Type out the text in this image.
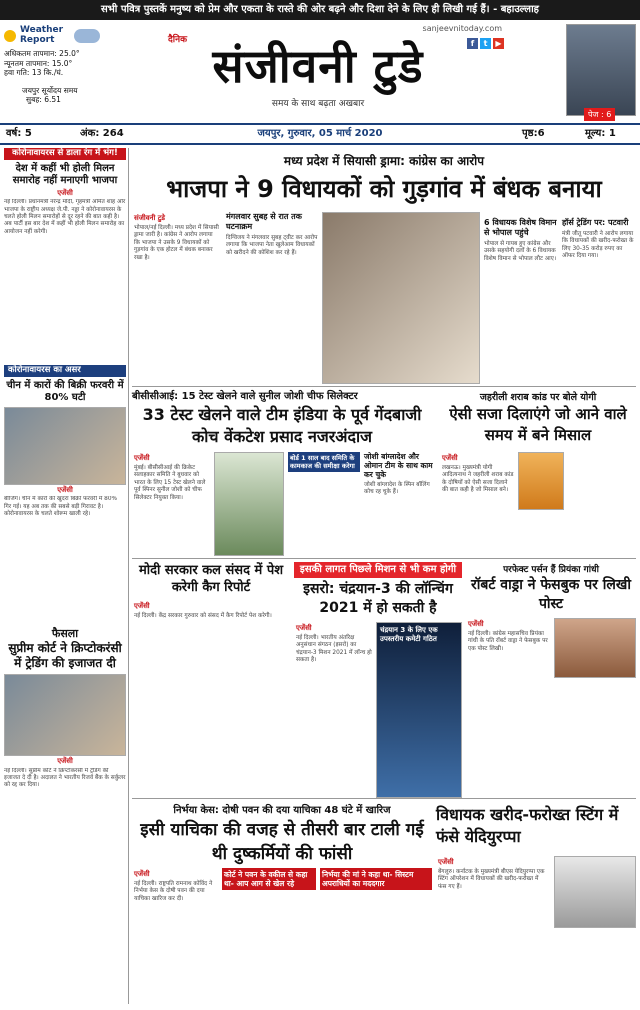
सभी पवित्र पुस्तकें मनुष्य को प्रेम और एकता के रास्ते की ओर बढ़ने और दिशा देने के लिए ही लिखी गई हैं। - बहाउल्लाह
Weather Report
अधिकतम तापमान: 25.0°
न्यूनतम तापमान: 15.0°
हवा गति: 13 कि./घं.
जयपुर सूर्योदय समय
सुबह: 6.51
दैनिक संजीवनी टुडे
समय के साथ बढ़ता अखबार
sanjeevnitoday.com
f t ▶
पेज : 6
वर्ष: 5	अंक: 264	जयपुर, गुरुवार, 05 मार्च 2020	पृष्ठ:6	मूल्य: 1
कोरोनावायरस से डाला रंग में भंग!
देश में कहीं भी होली मिलन समारोह नहीं मनाएगी भाजपा
एजेंसी
नई दिल्ली। प्रधानमंत्री नरेन्द्र मोदी, गृहमंत्री अमित शाह और भाजपा के राष्ट्रीय अध्यक्ष जे.पी. नड्डा ने कोरोनावायरस के चलते होली मिलन समारोहों से दूर रहने की बात कही है। अब पार्टी इस बार देश में कहीं भी होली मिलन समारोह का आयोजन नहीं करेगी।
कोरोनावायरस का असर
चीन में कारों की बिक्री फरवरी में 80% घटी
एजेंसी
बीजिंग। चीन में कारों की खुदरा बिक्री फरवरी में 80% गिर गई। यह अब तक की सबसे बड़ी गिरावट है। कोरोनावायरस के चलते शोरूम खाली रहे।
फैसला
सुप्रीम कोर्ट ने क्रिप्टोकरंसी में ट्रेडिंग की इजाजत दी
एजेंसी
नई दिल्ली। सुप्रीम कोर्ट ने क्रिप्टोकरंसी में ट्रेडिंग की इजाजत दे दी है। अदालत ने भारतीय रिजर्व बैंक के सर्कुलर को रद्द कर दिया।
मध्य प्रदेश में सियासी ड्रामा: कांग्रेस का आरोप
भाजपा ने 9 विधायकों को गुड़गांव में बंधक बनाया
संजीवनी टुडे
भोपाल/नई दिल्ली। मध्य प्रदेश में सियासी ड्रामा जारी है। कांग्रेस ने आरोप लगाया कि भाजपा ने उसके 9 विधायकों को गुड़गांव के एक होटल में बंधक बनाकर रखा है।
मंगलवार सुबह से रात तक घटनाक्रम
दिग्विजय ने मंगलवार सुबह ट्वीट कर आरोप लगाया कि भाजपा नेता खुलेआम विधायकों को खरीदने की कोशिश कर रहे हैं।
6 विधायक विशेष विमान से भोपाल पहुंचे
भोपाल से गायब हुए कांग्रेस और उसके सहयोगी दलों के 6 विधायक विशेष विमान से भोपाल लौट आए।
हॉर्स ट्रेडिंग पर: पटवारी
मंत्री जीतू पटवारी ने आरोप लगाया कि विधायकों की खरीद-फरोख्त के लिए 30-35 करोड़ रुपए का ऑफर दिया गया।
बीसीसीआई: 15 टेस्ट खेलने वाले सुनील जोशी चीफ सिलेक्टर
33 टेस्ट खेलने वाले टीम इंडिया के पूर्व गेंदबाजी कोच वेंकटेश प्रसाद नजरअंदाज
एजेंसी
मुंबई। बीसीसीआई की क्रिकेट सलाहकार समिति ने बुधवार को भारत के लिए 15 टेस्ट खेलने वाले पूर्व स्पिनर सुनील जोशी को चीफ सिलेक्टर नियुक्त किया।
बोर्ड 1 साल बाद समिति के कामकाज की समीक्षा करेगा
जोशी बांग्लादेश और ओमान टीम के साथ काम कर चुके
जोशी बांग्लादेश के स्पिन बॉलिंग कोच रह चुके हैं।
जहरीली शराब कांड पर बोले योगी
ऐसी सजा दिलाएंगे जो आने वाले समय में बने मिसाल
एजेंसी
लखनऊ। मुख्यमंत्री योगी आदित्यनाथ ने जहरीली शराब कांड के दोषियों को ऐसी सजा दिलाने की बात कही है जो मिसाल बने।
मोदी सरकार कल संसद में पेश करेगी कैग रिपोर्ट
एजेंसी
नई दिल्ली। केंद्र सरकार गुरुवार को संसद में कैग रिपोर्ट पेश करेगी।
इसकी लागत पिछले मिशन से भी कम होगी
इसरो: चंद्रयान-3 की लॉन्चिंग 2021 में हो सकती है
एजेंसी
नई दिल्ली। भारतीय अंतरिक्ष अनुसंधान संगठन (इसरो) का चंद्रयान-3 मिशन 2021 में लॉन्च हो सकता है।
चंद्रयान 3 के लिए एक उपस्तरीय कमेटी गठित
परफेक्ट पर्सन हैं प्रियंका गांधी
रॉबर्ट वाड्रा ने फेसबुक पर लिखी पोस्ट
एजेंसी
नई दिल्ली। कांग्रेस महासचिव प्रियंका गांधी के पति रॉबर्ट वाड्रा ने फेसबुक पर एक पोस्ट लिखी।
निर्भया केस: दोषी पवन की दया याचिका 48 घंटे में खारिज
इसी याचिका की वजह से तीसरी बार टाली गई थी दुष्कर्मियों की फांसी
एजेंसी
नई दिल्ली। राष्ट्रपति रामनाथ कोविंद ने निर्भया केस के दोषी पवन की दया याचिका खारिज कर दी।
कोर्ट ने पवन के वकील से कहा था- आप आग से खेल रहे
निर्भया की मां ने कहा था- सिस्टम अपराधियों का मददगार
विधायक खरीद-फरोख्त स्टिंग में फंसे येदियुरप्पा
एजेंसी
बेंगलुरु। कर्नाटक के मुख्यमंत्री बीएस येदियुरप्पा एक स्टिंग ऑपरेशन में विधायकों की खरीद-फरोख्त में फंस गए हैं।
